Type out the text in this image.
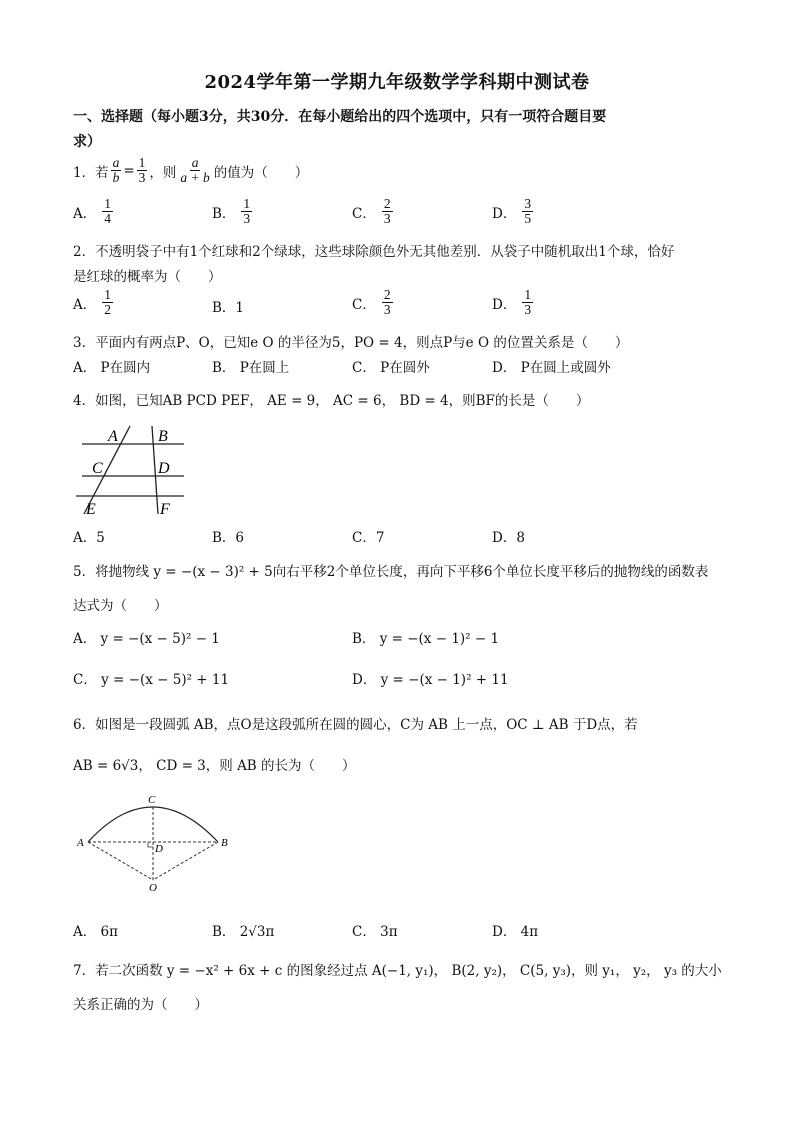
2024学年第一学期九年级数学学科期中测试卷
一、选择题（每小题3分，共30分．在每小题给出的四个选项中，只有一项符合题目要
求）
1．若 $\frac{a}{b} = \frac{1}{3}$ ，则 $\frac{a}{a + b}$ 的值为（　　）
A． $\frac{1}{4}$	B． $\frac{1}{3}$	C． $\frac{2}{3}$	D． $\frac{3}{5}$
2．不透明袋子中有1个红球和2个绿球，这些球除颜色外无其他差别．从袋子中随机取出1个球，恰好
是红球的概率为（　　）
A． $\frac{1}{2}$	B．1	C． $\frac{2}{3}$	D． $\frac{1}{3}$
3．平面内有两点P、O，已知e O 的半径为5，PO = 4，则点P与e O 的位置关系是（　　）
A． P在圆内	B． P在圆上	C． P在圆外	D． P在圆上或圆外
4．如图，已知AB PCD PEF， AE = 9， AC = 6， BD = 4，则BF的长是（　　）
A	B
C	D
E	F
A．5	B．6	C．7	D．8
5．将抛物线 y = −(x − 3)² + 5向右平移2个单位长度，再向下平移6个单位长度平移后的抛物线的函数表
达式为（　　）
A． y = −(x − 5)² − 1	B． y = −(x − 1)² − 1
C． y = −(x − 5)² + 11	D． y = −(x − 1)² + 11
6．如图是一段圆弧 AB，点O是这段弧所在圆的圆心，C为 AB 上一点，OC ⊥ AB 于D点，若
AB = 6√3， CD = 3，则 AB 的长为（　　）
C
A	B
D
O
A． 6π	B． 2√3π	C． 3π	D． 4π
7．若二次函数 y = −x² + 6x + c 的图象经过点 A(−1, y₁)， B(2, y₂)， C(5, y₃)，则 y₁， y₂， y₃ 的大小
关系正确的为（　　）
